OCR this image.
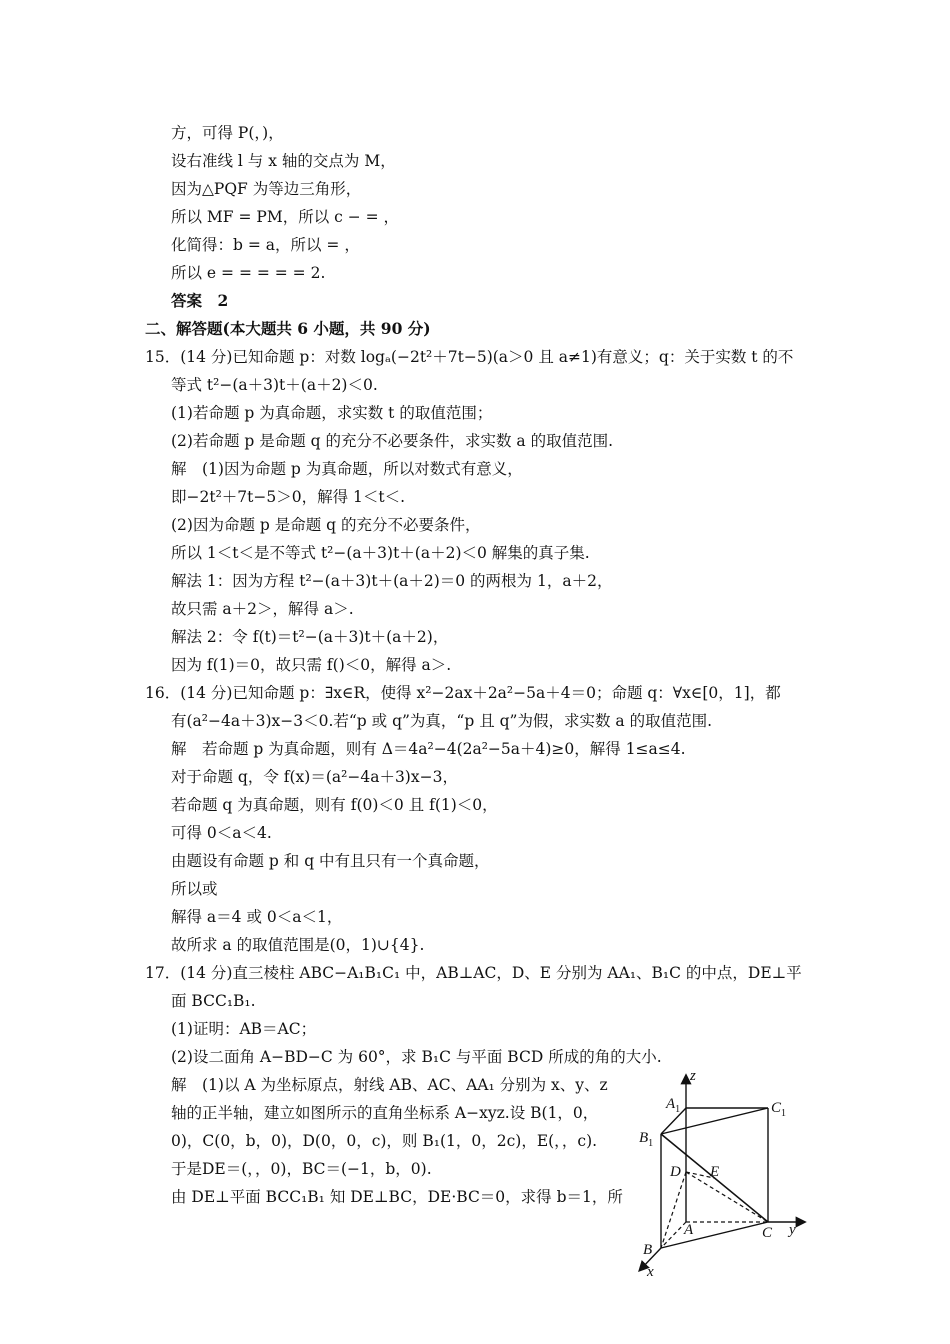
方，可得 P(，)，
设右准线 l 与 x 轴的交点为 M，
因为△PQF 为等边三角形，
所以 MF = PM，所以 c − = ，
化简得：b = a，所以 = ，
所以 e = = = = = 2.
答案　2
二、解答题(本大题共 6 小题，共 90 分)
15．(14 分)已知命题 p：对数 logₐ(−2t²＋7t−5)(a＞0 且 a≠1)有意义；q：关于实数 t 的不
等式 t²−(a＋3)t＋(a＋2)＜0.
(1)若命题 p 为真命题，求实数 t 的取值范围；
(2)若命题 p 是命题 q 的充分不必要条件，求实数 a 的取值范围.
解　(1)因为命题 p 为真命题，所以对数式有意义，
即−2t²＋7t−5＞0，解得 1＜t＜.
(2)因为命题 p 是命题 q 的充分不必要条件，
所以 1＜t＜是不等式 t²−(a＋3)t＋(a＋2)＜0 解集的真子集.
解法 1：因为方程 t²−(a＋3)t＋(a＋2)＝0 的两根为 1，a＋2，
故只需 a＋2＞，解得 a＞.
解法 2：令 f(t)＝t²−(a＋3)t＋(a＋2)，
因为 f(1)＝0，故只需 f()＜0，解得 a＞.
16．(14 分)已知命题 p：∃x∈R，使得 x²−2ax＋2a²−5a＋4＝0；命题 q：∀x∈[0，1]，都
有(a²−4a＋3)x−3＜0.若“p 或 q”为真，“p 且 q”为假，求实数 a 的取值范围.
解　若命题 p 为真命题，则有 Δ＝4a²−4(2a²−5a＋4)≥0，解得 1≤a≤4.
对于命题 q，令 f(x)＝(a²−4a＋3)x−3，
若命题 q 为真命题，则有 f(0)＜0 且 f(1)＜0，
可得 0＜a＜4.
由题设有命题 p 和 q 中有且只有一个真命题，
所以或
解得 a＝4 或 0＜a＜1，
故所求 a 的取值范围是(0，1)∪{4}.
17．(14 分)直三棱柱 ABC−A₁B₁C₁ 中，AB⊥AC，D、E 分别为 AA₁、B₁C 的中点，DE⊥平
面 BCC₁B₁.
(1)证明：AB＝AC；
(2)设二面角 A−BD−C 为 60°，求 B₁C 与平面 BCD 所成的角的大小.
解　(1)以 A 为坐标原点，射线 AB、AC、AA₁ 分别为 x、y、z
轴的正半轴，建立如图所示的直角坐标系 A−xyz.设 B(1，0，
0)，C(0，b，0)，D(0，0，c)，则 B₁(1，0，2c)，E(，，c).
于是DE＝(，，0)，BC＝(−1，b，0).
由 DE⊥平面 BCC₁B₁ 知 DE⊥BC，DE·BC＝0，求得 b＝1，所
z
$A_1$	$C_1$
$B_1$
D E
A	C y
B
x
